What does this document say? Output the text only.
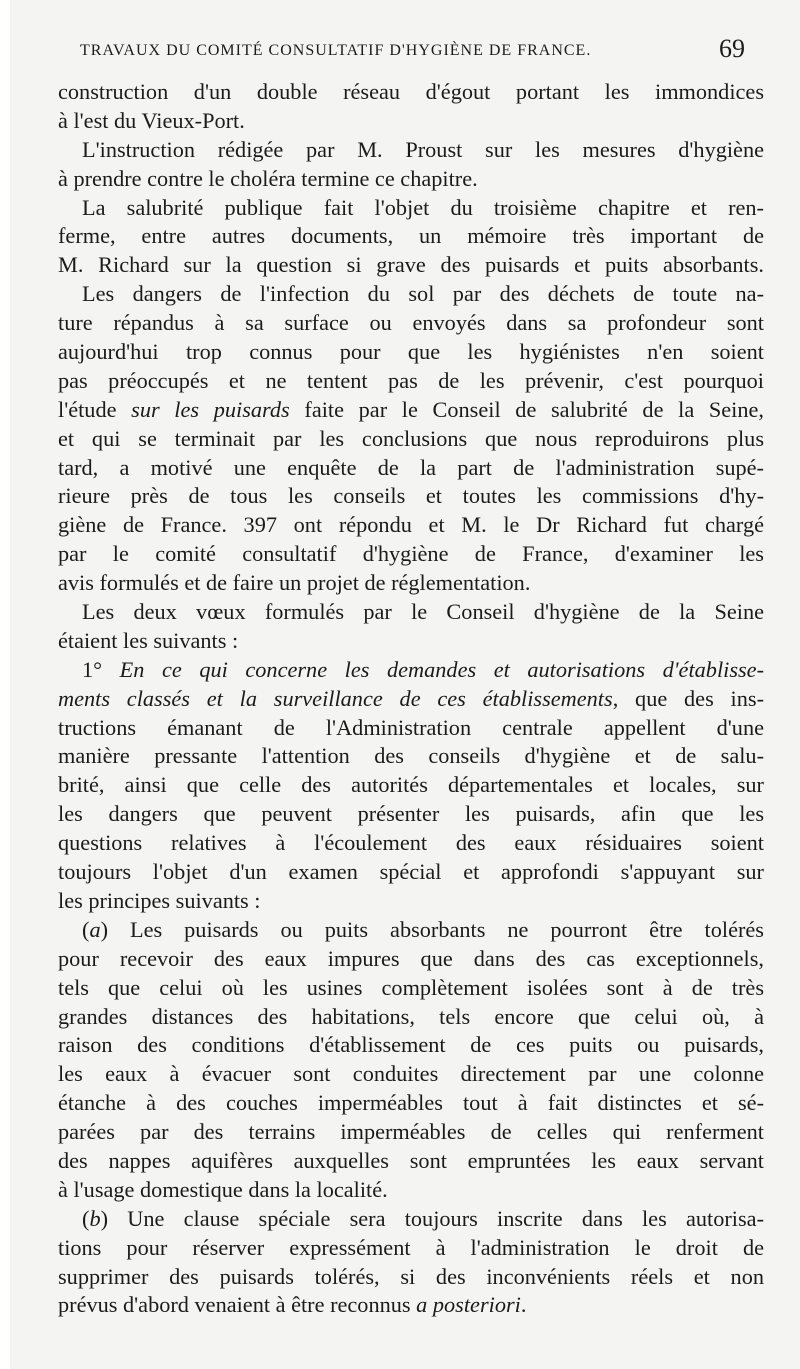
TRAVAUX DU COMITÉ CONSULTATIF D'HYGIÈNE DE FRANCE.	69
construction d'un double réseau d'égout portant les immondices
à l'est du Vieux-Port.
L'instruction rédigée par M. Proust sur les mesures d'hygiène
à prendre contre le choléra termine ce chapitre.
La salubrité publique fait l'objet du troisième chapitre et ren-
ferme, entre autres documents, un mémoire très important de
M. Richard sur la question si grave des puisards et puits absorbants.
Les dangers de l'infection du sol par des déchets de toute na-
ture répandus à sa surface ou envoyés dans sa profondeur sont
aujourd'hui trop connus pour que les hygiénistes n'en soient
pas préoccupés et ne tentent pas de les prévenir, c'est pourquoi
l'étude sur les puisards faite par le Conseil de salubrité de la Seine,
et qui se terminait par les conclusions que nous reproduirons plus
tard, a motivé une enquête de la part de l'administration supé-
rieure près de tous les conseils et toutes les commissions d'hy-
giène de France. 397 ont répondu et M. le Dr Richard fut chargé
par le comité consultatif d'hygiène de France, d'examiner les
avis formulés et de faire un projet de réglementation.
Les deux vœux formulés par le Conseil d'hygiène de la Seine
étaient les suivants :
1° En ce qui concerne les demandes et autorisations d'établisse-
ments classés et la surveillance de ces établissements, que des ins-
tructions émanant de l'Administration centrale appellent d'une
manière pressante l'attention des conseils d'hygiène et de salu-
brité, ainsi que celle des autorités départementales et locales, sur
les dangers que peuvent présenter les puisards, afin que les
questions relatives à l'écoulement des eaux résiduaires soient
toujours l'objet d'un examen spécial et approfondi s'appuyant sur
les principes suivants :
(a) Les puisards ou puits absorbants ne pourront être tolérés
pour recevoir des eaux impures que dans des cas exceptionnels,
tels que celui où les usines complètement isolées sont à de très
grandes distances des habitations, tels encore que celui où, à
raison des conditions d'établissement de ces puits ou puisards,
les eaux à évacuer sont conduites directement par une colonne
étanche à des couches imperméables tout à fait distinctes et sé-
parées par des terrains imperméables de celles qui renferment
des nappes aquifères auxquelles sont empruntées les eaux servant
à l'usage domestique dans la localité.
(b) Une clause spéciale sera toujours inscrite dans les autorisa-
tions pour réserver expressément à l'administration le droit de
supprimer des puisards tolérés, si des inconvénients réels et non
prévus d'abord venaient à être reconnus a posteriori.
